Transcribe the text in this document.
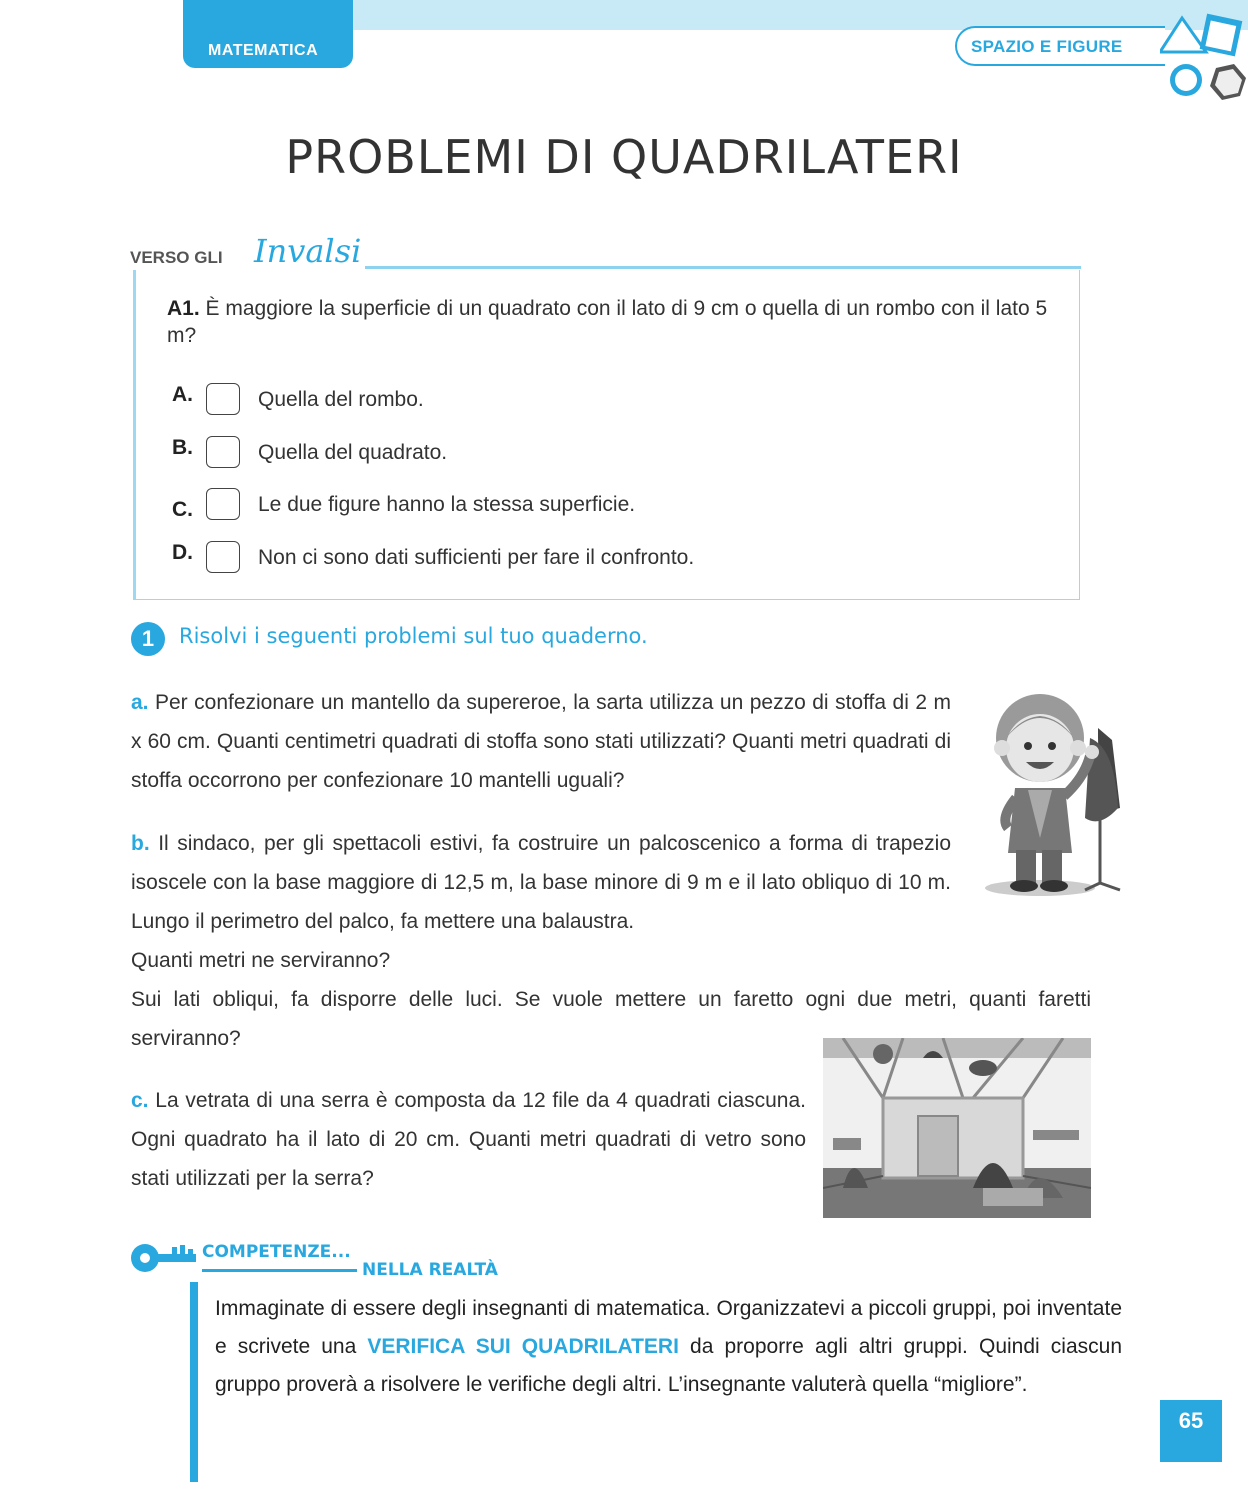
MATEMATICA	SPAZIO E FIGURE
PROBLEMI DI QUADRILATERI
VERSO GLI Invalsi
A1. È maggiore la superficie di un quadrato con il lato di 9 cm o quella di un rombo con il lato 5 m?
A.	Quella del rombo.
B.	Quella del quadrato.
C.	Le due figure hanno la stessa superficie.
D.	Non ci sono dati sufficienti per fare il confronto.
1	Risolvi i seguenti problemi sul tuo quaderno.
a. Per confezionare un mantello da supereroe, la sarta utilizza un pezzo di stoffa di 2 m x 60 cm. Quanti centimetri quadrati di stoffa sono stati utilizzati? Quanti metri quadrati di stoffa occorrono per confezionare 10 mantelli uguali?
b. Il sindaco, per gli spettacoli estivi, fa costruire un palcoscenico a forma di trapezio isoscele con la base maggiore di 12,5 m, la base minore di 9 m e il lato obliquo di 10 m. Lungo il perimetro del palco, fa mettere una balaustra.
Quanti metri ne serviranno?
Sui lati obliqui, fa disporre delle luci. Se vuole mettere un faretto ogni due metri, quanti faretti serviranno?
c. La vetrata di una serra è composta da 12 file da 4 quadrati ciascuna. Ogni quadrato ha il lato di 20 cm. Quanti metri quadrati di vetro sono stati utilizzati per la serra?
COMPETENZE...
NELLA REALTÀ
Immaginate di essere degli insegnanti di matematica. Organizzatevi a piccoli gruppi, poi inventate e scrivete una VERIFICA SUI QUADRILATERI da proporre agli altri gruppi. Quindi ciascun gruppo proverà a risolvere le verifiche degli altri. L’insegnante valuterà quella “migliore”.
65
